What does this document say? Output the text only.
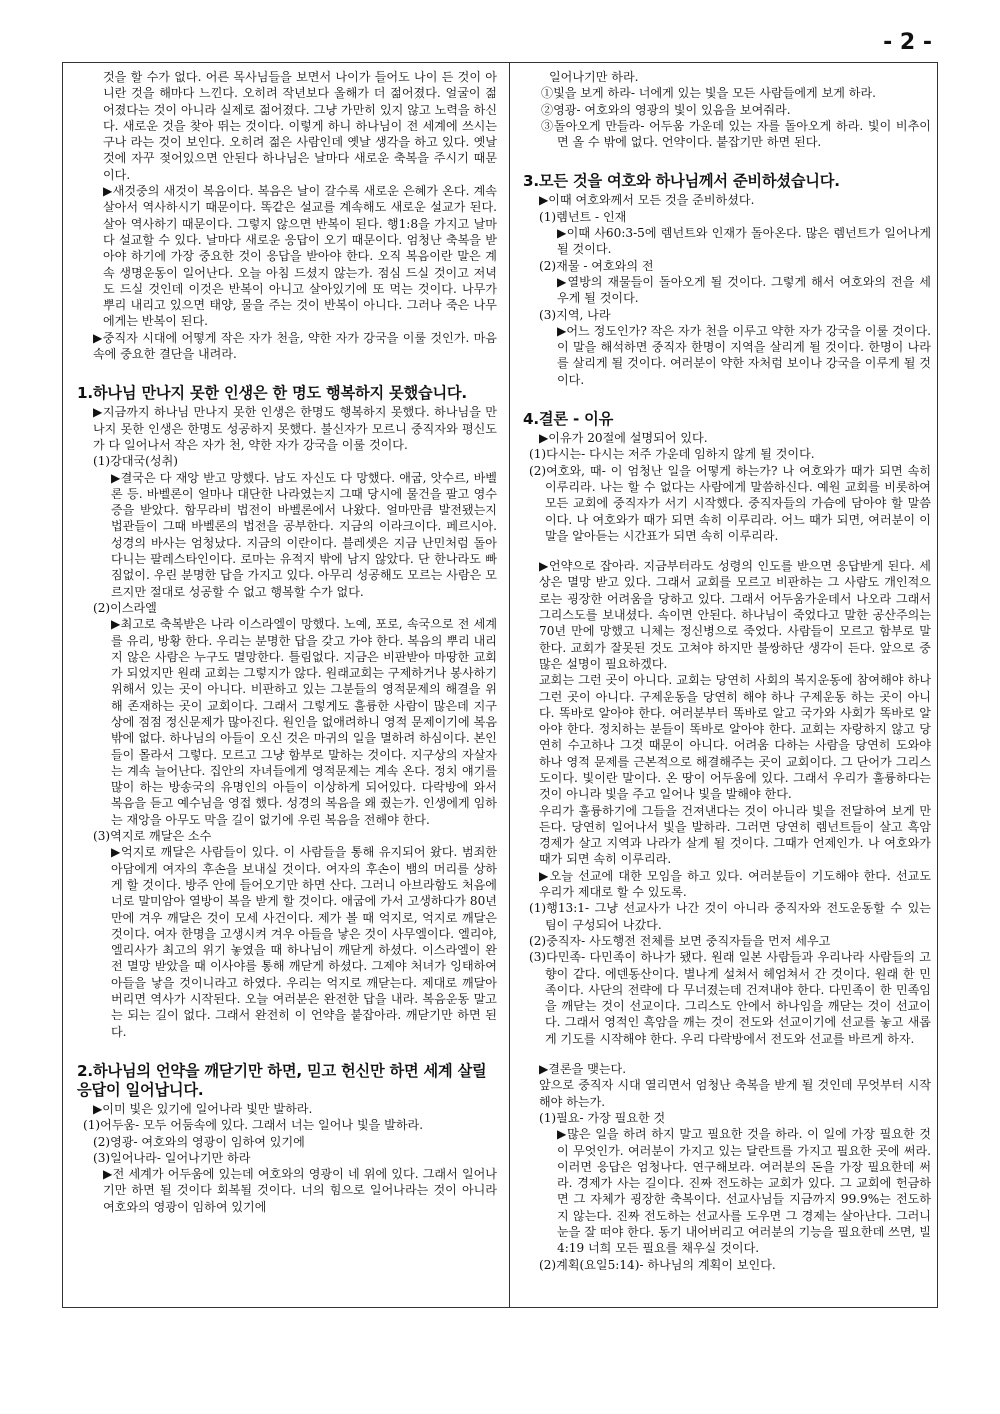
- 2 -

것을 할 수가 없다. 어른 목사님들을 보면서 나이가 들어도 나이 든 것이 아니란 것을 해마다 느낀다. 오히려 작년보다 올해가 더 젊어졌다. 얼굴이 젊어졌다는 것이 아니라 실제로 젊어졌다. 그냥 가만히 있지 않고 노력을 하신다. 새로운 것을 찾아 뛰는 것이다. 이렇게 하니 하나님이 전 세계에 쓰시는구나 라는 것이 보인다. 오히려 젊은 사람인데 옛날 생각을 하고 있다. 옛날 것에 자꾸 젖어있으면 안된다 하나님은 날마다 새로운 축복을 주시기 때문이다.

▶새것중의 새것이 복음이다. 복음은 날이 갈수록 새로운 은혜가 온다. 계속 살아서 역사하시기 때문이다. 똑같은 설교를 계속해도 새로운 설교가 된다. 살아 역사하기 때문이다. 그렇지 않으면 반복이 된다. 행1:8을 가지고 날마다 설교할 수 있다. 날마다 새로운 응답이 오기 때문이다. 엄청난 축복을 받아야 하기에 가장 중요한 것이 응답을 받아야 한다. 오직 복음이란 말은 계속 생명운동이 일어난다. 오늘 아침 드셨지 않는가. 점심 드실 것이고 저녁도 드실 것인데 이것은 반복이 아니고 살아있기에 또 먹는 것이다. 나무가 뿌리 내리고 있으면 태양, 물을 주는 것이 반복이 아니다. 그러나 죽은 나무에게는 반복이 된다.

▶중직자 시대에 어떻게 작은 자가 천을, 약한 자가 강국을 이룰 것인가. 마음속에 중요한 결단을 내려라.

1.하나님 만나지 못한 인생은 한 명도 행복하지 못했습니다.

▶지금까지 하나님 만나지 못한 인생은 한명도 행복하지 못했다. 하나님을 만나지 못한 인생은 한명도 성공하지 못했다. 불신자가 모르니 중직자와 평신도가 다 일어나서 작은 자가 천, 약한 자가 강국을 이룰 것이다.

(1)강대국(성취)

▶결국은 다 재앙 받고 망했다. 남도 자신도 다 망했다. 애굽, 앗수르, 바벨론 등. 바벨론이 얼마나 대단한 나라였는지 그때 당시에 물건을 팔고 영수증을 받았다. 함무라비 법전이 바벨론에서 나왔다. 얼마만큼 발전됐는지 법관들이 그때 바벨론의 법전을 공부한다. 지금의 이라크이다. 페르시아. 성경의 바사는 엄청났다. 지금의 이란이다. 블레셋은 지금 난민처럼 돌아다니는 팔레스타인이다. 로마는 유적지 밖에 남지 않았다. 단 한나라도 빠짐없이. 우린 분명한 답을 가지고 있다. 아무리 성공해도 모르는 사람은 모르지만 절대로 성공할 수 없고 행복할 수가 없다.

(2)이스라엘

▶최고로 축복받은 나라 이스라엘이 망했다. 노예, 포로, 속국으로 전 세계를 유리, 방황 한다. 우리는 분명한 답을 갖고 가야 한다. 복음의 뿌리 내리지 않은 사람은 누구도 멸망한다. 틀림없다. 지금은 비판받아 마땅한 교회가 되었지만 원래 교회는 그렇지가 않다. 원래교회는 구제하거나 봉사하기 위해서 있는 곳이 아니다. 비판하고 있는 그분들의 영적문제의 해결을 위해 존재하는 곳이 교회이다. 그래서 그렇게도 훌륭한 사람이 많은데 지구상에 점점 정신문제가 많아진다. 원인을 없애려하니 영적 문제이기에 복음밖에 없다. 하나님의 아들이 오신 것은 마귀의 일을 멸하려 하심이다. 본인들이 몰라서 그렇다. 모르고 그냥 함부로 말하는 것이다. 지구상의 자살자는 계속 늘어난다. 집안의 자녀들에게 영적문제는 계속 온다. 정치 얘기를 많이 하는 방송국의 유명인의 아들이 이상하게 되어있다. 다락방에 와서 복음을 듣고 예수님을 영접 했다. 성경의 복음을 왜 줬는가. 인생에게 임하는 재앙을 아무도 막을 길이 없기에 우린 복음을 전해야 한다.

(3)역지로 깨달은 소수

▶억지로 깨달은 사람들이 있다. 이 사람들을 통해 유지되어 왔다. 범죄한 아담에게 여자의 후손을 보내실 것이다. 여자의 후손이 뱀의 머리를 상하게 할 것이다. 방주 안에 들어오기만 하면 산다. 그러니 아브라함도 처음에 너로 말미암아 열방이 복을 받게 할 것이다. 애굽에 가서 고생하다가 80년 만에 겨우 깨달은 것이 모세 사건이다. 제가 볼 때 억지로, 억지로 깨달은 것이다. 여자 한명을 고생시켜 겨우 아들을 낳은 것이 사무엘이다. 엘리야, 엘리사가 최고의 위기 놓였을 때 하나님이 깨닫게 하셨다. 이스라엘이 완전 멸망 받았을 때 이사야를 통해 깨닫게 하셨다. 그제야 처녀가 잉태하여 아들을 낳을 것이니라고 하였다. 우리는 억지로 깨닫는다. 제대로 깨달아 버리면 역사가 시작된다. 오늘 여러분은 완전한 답을 내라. 복음운동 말고는 되는 길이 없다. 그래서 완전히 이 언약을 붙잡아라. 깨닫기만 하면 된다.

2.하나님의 언약을 깨닫기만 하면, 믿고 헌신만 하면 세계 살릴 응답이 일어납니다.

▶이미 빛은 있기에 일어나라 빛만 발하라.

(1)어두움- 모두 어둠속에 있다. 그래서 너는 일어나 빛을 발하라.

(2)영광- 여호와의 영광이 임하여 있기에

(3)일어나라- 일어나기만 하라

▶전 세계가 어두움에 있는데 여호와의 영광이 네 위에 있다. 그래서 일어나기만 하면 될 것이다 회복될 것이다. 너의 힘으로 일어나라는 것이 아니라 여호와의 영광이 임하여 있기에

일어나기만 하라.

①빛을 보게 하라- 너에게 있는 빛을 모든 사람들에게 보게 하라.

②영광- 여호와의 영광의 빛이 있음을 보여줘라.

③돌아오게 만들라- 어두움 가운데 있는 자를 돌아오게 하라. 빛이 비추이면 올 수 밖에 없다. 언약이다. 붙잡기만 하면 된다.

3.모든 것을 여호와 하나님께서 준비하셨습니다.

▶이때 여호와께서 모든 것을 준비하셨다.

(1)렘넌트 - 인재

▶이때 사60:3-5에 렘넌트와 인재가 돌아온다. 많은 렘넌트가 일어나게 될 것이다.

(2)재물 - 여호와의 전

▶열방의 재물들이 돌아오게 될 것이다. 그렇게 해서 여호와의 전을 세우게 될 것이다.

(3)지역, 나라

▶어느 정도인가? 작은 자가 천을 이루고 약한 자가 강국을 이룰 것이다. 이 말을 해석하면 중직자 한명이 지역을 살리게 될 것이다. 한명이 나라를 살리게 될 것이다. 여러분이 약한 자처럼 보이나 강국을 이루게 될 것이다.

4.결론 - 이유

▶이유가 20절에 설명되어 있다.

(1)다시는- 다시는 저주 가운데 임하지 않게 될 것이다.

(2)여호와, 때- 이 엄청난 일을 어떻게 하는가? 나 여호와가 때가 되면 속히 이루리라. 나는 할 수 없다는 사람에게 말씀하신다. 예원 교회를 비롯하여 모든 교회에 중직자가 서기 시작했다. 중직자들의 가슴에 담아야 할 말씀이다. 나 여호와가 때가 되면 속히 이루리라. 어느 때가 되면, 여러분이 이 말을 알아듣는 시간표가 되면 속히 이루리라.

▶언약으로 잡아라. 지금부터라도 성령의 인도를 받으면 응답받게 된다. 세상은 멸망 받고 있다. 그래서 교회를 모르고 비판하는 그 사람도 개인적으로는 굉장한 어려움을 당하고 있다. 그래서 어두움가운데서 나오라 그래서 그리스도를 보내셨다. 속이면 안된다. 하나님이 죽었다고 말한 공산주의는 70년 만에 망했고 니체는 정신병으로 죽었다. 사람들이 모르고 함부로 말한다. 교회가 잘못된 것도 고쳐야 하지만 불쌍하단 생각이 든다. 앞으로 중 많은 설명이 필요하겠다.

교회는 그런 곳이 아니다. 교회는 당연히 사회의 복지운동에 참여해야 하나 그런 곳이 아니다. 구제운동을 당연히 해야 하나 구제운동 하는 곳이 아니다. 똑바로 알아야 한다. 여러분부터 똑바로 알고 국가와 사회가 똑바로 알아야 한다. 정치하는 분들이 똑바로 알아야 한다. 교회는 자랑하지 않고 당연히 수고하나 그것 때문이 아니다. 어려움 다하는 사람을 당연히 도와야 하나 영적 문제를 근본적으로 해결해주는 곳이 교회이다. 그 단어가 그리스도이다. 빛이란 말이다. 온 땅이 어두움에 있다. 그래서 우리가 훌륭하다는 것이 아니라 빛을 주고 일어나 빛을 발해야 한다.

우리가 훌륭하기에 그들을 건져낸다는 것이 아니라 빛을 전달하여 보게 만든다. 당연히 일어나서 빛을 발하라. 그러면 당연히 렘넌트들이 살고 흑암경제가 살고 지역과 나라가 살게 될 것이다. 그때가 언제인가. 나 여호와가 때가 되면 속히 이루리라.

▶오늘 선교에 대한 모임을 하고 있다. 여러분들이 기도해야 한다. 선교도 우리가 제대로 할 수 있도록.

(1)행13:1- 그냥 선교사가 나간 것이 아니라 중직자와 전도운동할 수 있는 팀이 구성되어 나갔다.

(2)중직자- 사도행전 전체를 보면 중직자들을 먼저 세우고

(3)다민족- 다민족이 하나가 됐다. 원래 일본 사람들과 우리나라 사람들의 고향이 같다. 에덴동산이다. 별나게 설쳐서 헤엄쳐서 간 것이다. 원래 한 민족이다. 사단의 전략에 다 무너졌는데 건져내야 한다. 다민족이 한 민족임을 깨닫는 것이 선교이다. 그리스도 안에서 하나임을 깨닫는 것이 선교이다. 그래서 영적인 흑암을 깨는 것이 전도와 선교이기에 선교를 놓고 새롭게 기도를 시작해야 한다. 우리 다락방에서 전도와 선교를 바르게 하자.

▶결론을 맺는다.

앞으로 중직자 시대 열리면서 엄청난 축복을 받게 될 것인데 무엇부터 시작해야 하는가.

(1)필요- 가장 필요한 것

▶많은 일을 하려 하지 말고 필요한 것을 하라. 이 일에 가장 필요한 것이 무엇인가. 여러분이 가지고 있는 달란트를 가지고 필요한 곳에 써라. 이러면 응답은 엄청나다. 연구해보라. 여러분의 돈을 가장 필요한데 써라. 경제가 사는 길이다. 진짜 전도하는 교회가 있다. 그 교회에 헌금하면 그 자체가 굉장한 축복이다. 선교사님들 지금까지 99.9%는 전도하지 않는다. 진짜 전도하는 선교사를 도우면 그 경제는 살아난다. 그러니 눈을 잘 떠야 한다. 동기 내어버리고 여러분의 기능을 필요한데 쓰면, 빌4:19 너희 모든 필요를 채우실 것이다.

(2)계획(요일5:14)- 하나님의 계획이 보인다.
